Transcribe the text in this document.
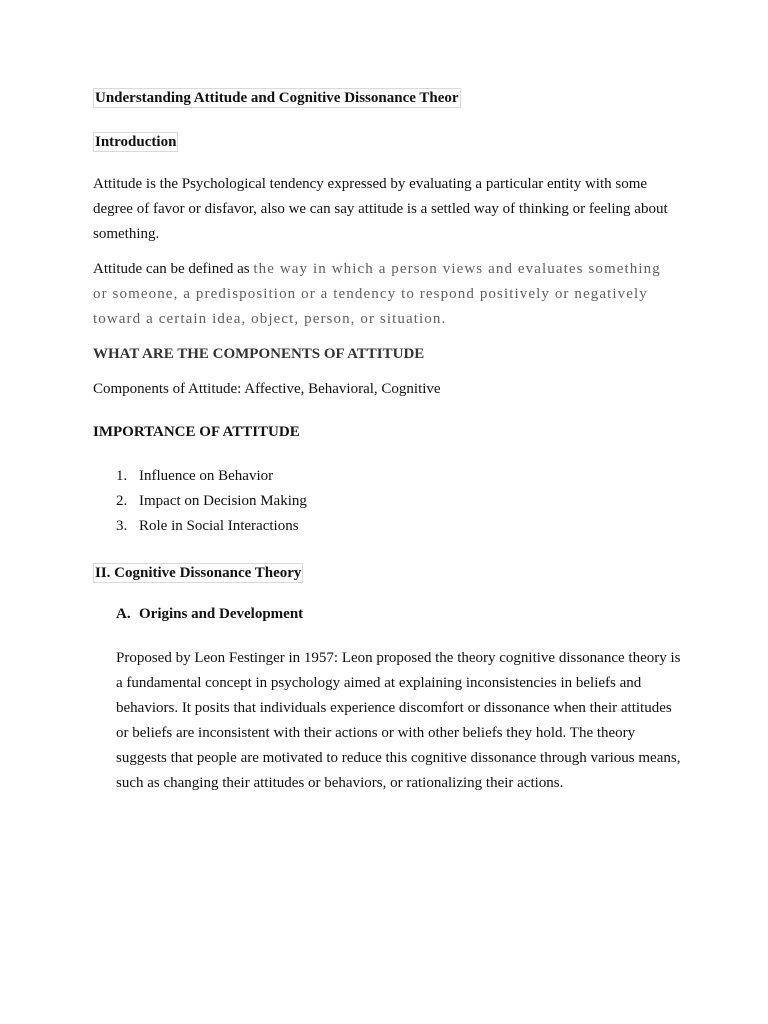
Understanding Attitude and Cognitive Dissonance Theor

Introduction

Attitude is the Psychological tendency expressed by evaluating a particular entity with some degree of favor or disfavor, also we can say attitude is a settled way of thinking or feeling about something.

Attitude can be defined as the way in which a person views and evaluates something or someone, a predisposition or a tendency to respond positively or negatively toward a certain idea, object, person, or situation.

WHAT ARE THE COMPONENTS OF ATTITUDE

Components of Attitude: Affective, Behavioral, Cognitive

IMPORTANCE OF ATTITUDE

1. Influence on Behavior
2. Impact on Decision Making
3. Role in Social Interactions

II. Cognitive Dissonance Theory

A. Origins and Development

Proposed by Leon Festinger in 1957: Leon proposed the theory cognitive dissonance theory is a fundamental concept in psychology aimed at explaining inconsistencies in beliefs and behaviors. It posits that individuals experience discomfort or dissonance when their attitudes or beliefs are inconsistent with their actions or with other beliefs they hold. The theory suggests that people are motivated to reduce this cognitive dissonance through various means, such as changing their attitudes or behaviors, or rationalizing their actions.
